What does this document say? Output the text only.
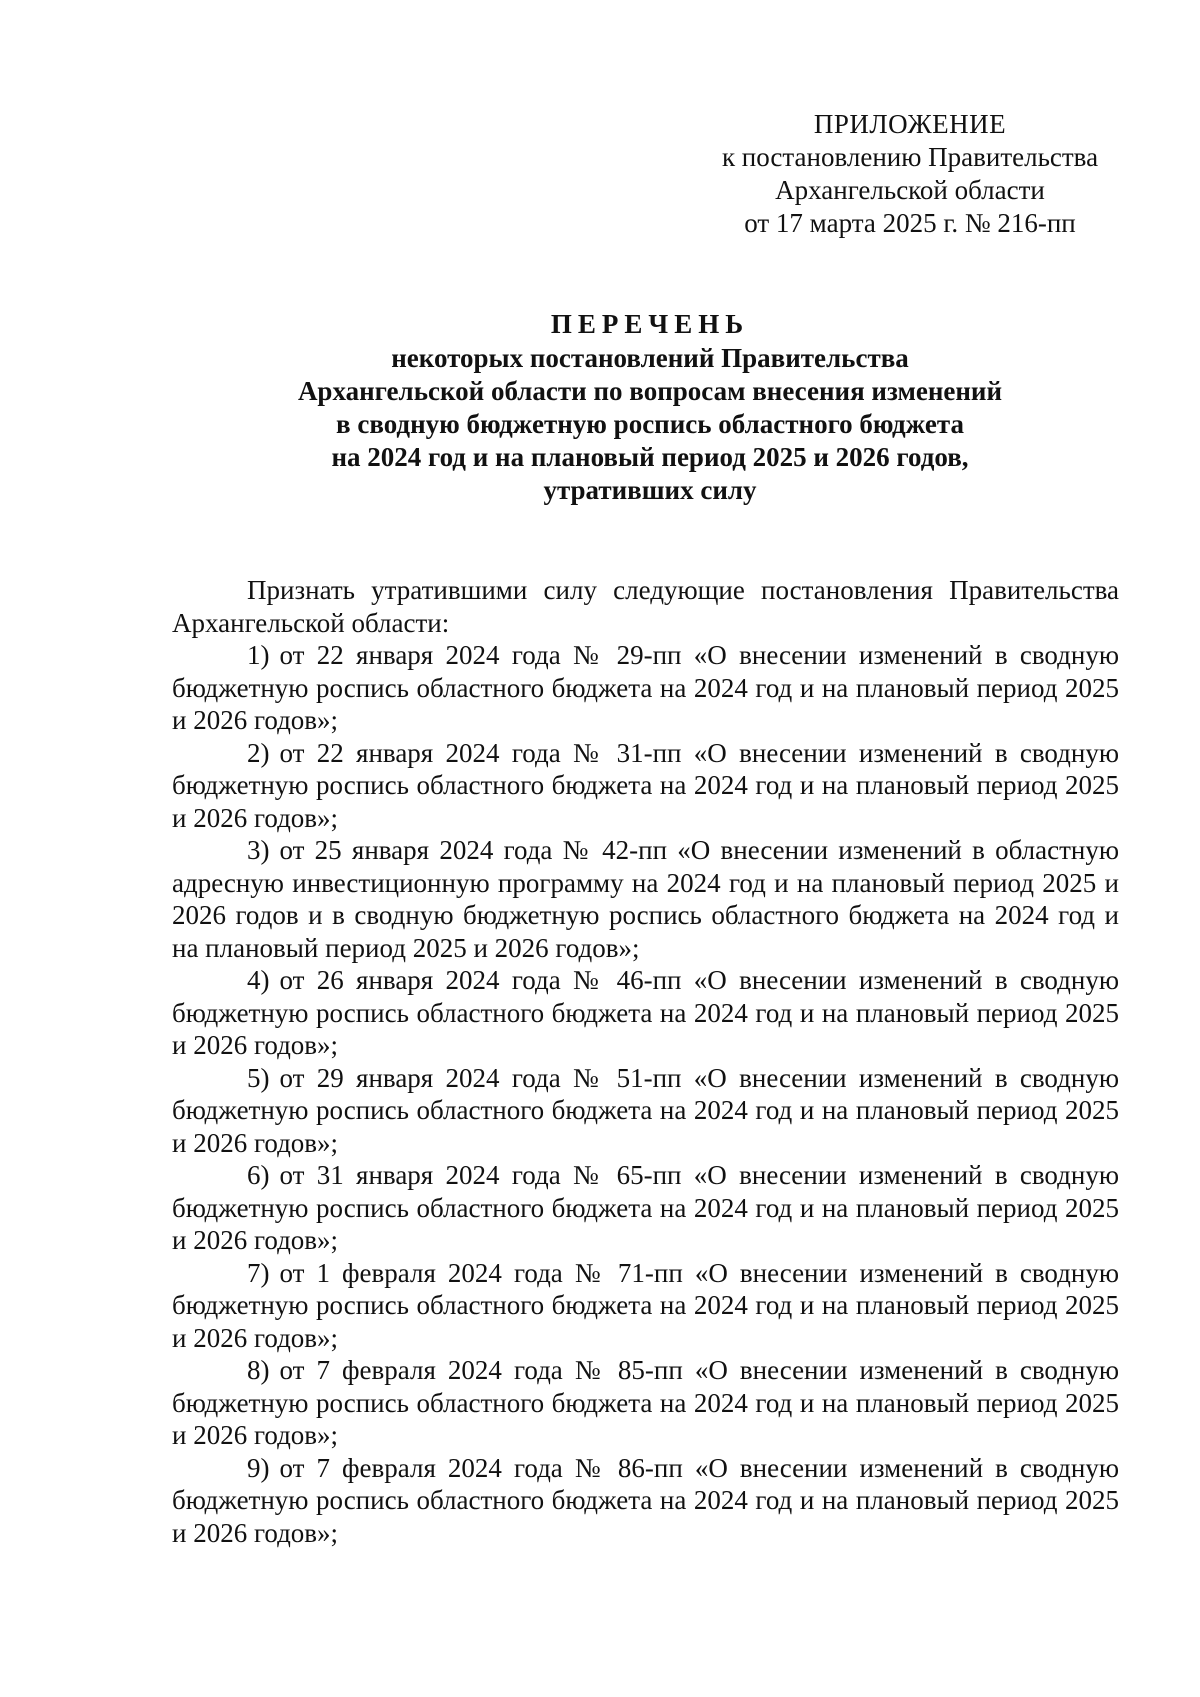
ПРИЛОЖЕНИЕ
к постановлению Правительства
Архангельской области
от 17 марта 2025 г. № 216-пп
ПЕРЕЧЕНЬ
некоторых постановлений Правительства
Архангельской области по вопросам внесения изменений
в сводную бюджетную роспись областного бюджета
на 2024 год и на плановый период 2025 и 2026 годов,
утративших силу

Признать утратившими силу следующие постановления Правительства Архангельской области:

1) от 22 января 2024 года № 29-пп «О внесении изменений в сводную бюджетную роспись областного бюджета на 2024 год и на плановый период 2025 и 2026 годов»;

2) от 22 января 2024 года № 31-пп «О внесении изменений в сводную бюджетную роспись областного бюджета на 2024 год и на плановый период 2025 и 2026 годов»;

3) от 25 января 2024 года № 42-пп «О внесении изменений в областную адресную инвестиционную программу на 2024 год и на плановый период 2025 и 2026 годов и в сводную бюджетную роспись областного бюджета на 2024 год и на плановый период 2025 и 2026 годов»;

4) от 26 января 2024 года № 46-пп «О внесении изменений в сводную бюджетную роспись областного бюджета на 2024 год и на плановый период 2025 и 2026 годов»;

5) от 29 января 2024 года № 51-пп «О внесении изменений в сводную бюджетную роспись областного бюджета на 2024 год и на плановый период 2025 и 2026 годов»;

6) от 31 января 2024 года № 65-пп «О внесении изменений в сводную бюджетную роспись областного бюджета на 2024 год и на плановый период 2025 и 2026 годов»;

7) от 1 февраля 2024 года № 71-пп «О внесении изменений в сводную бюджетную роспись областного бюджета на 2024 год и на плановый период 2025 и 2026 годов»;

8) от 7 февраля 2024 года № 85-пп «О внесении изменений в сводную бюджетную роспись областного бюджета на 2024 год и на плановый период 2025 и 2026 годов»;

9) от 7 февраля 2024 года № 86-пп «О внесении изменений в сводную бюджетную роспись областного бюджета на 2024 год и на плановый период 2025 и 2026 годов»;
